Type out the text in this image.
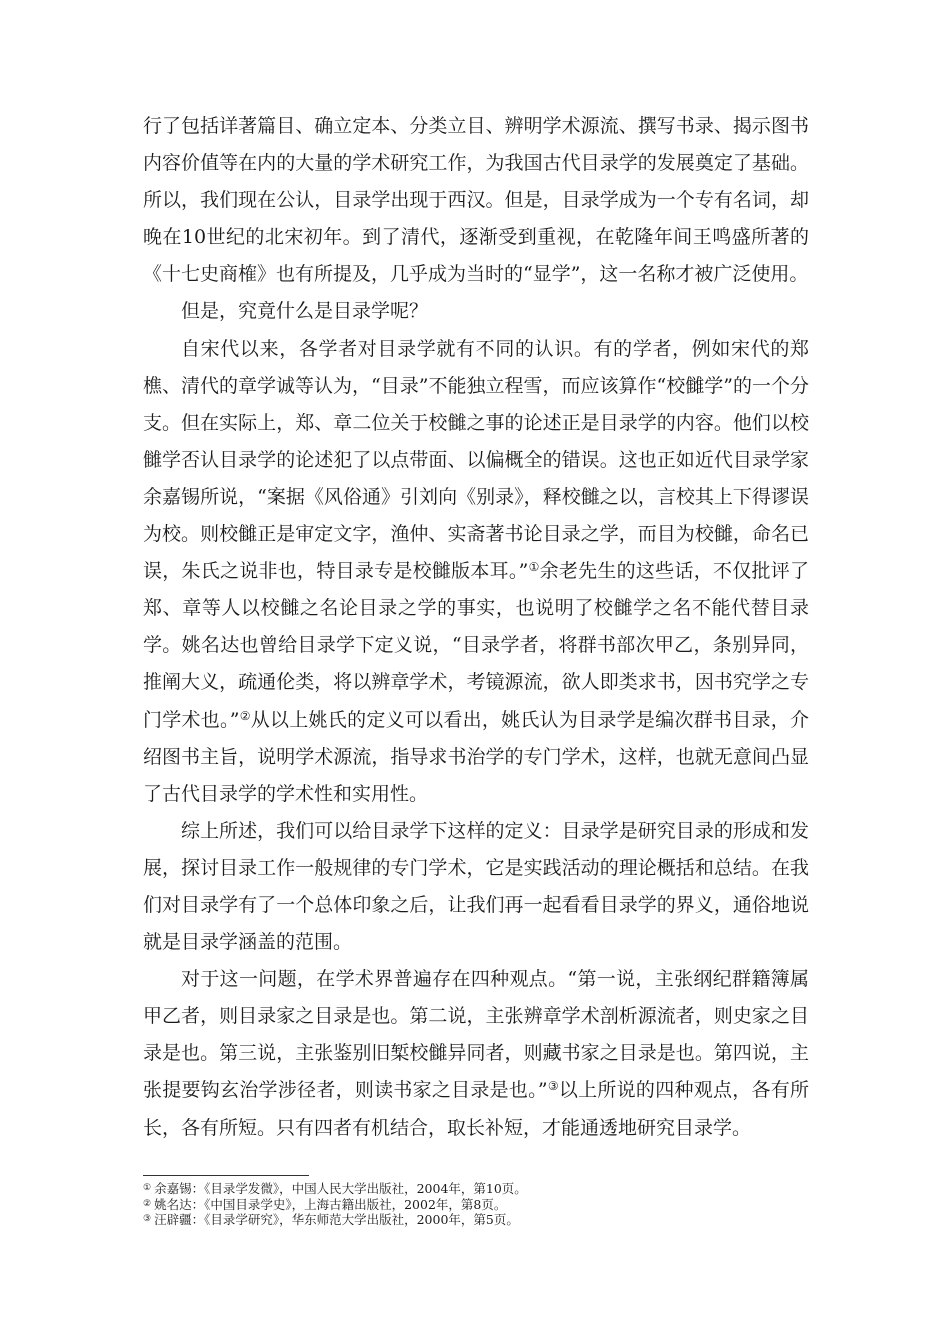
行了包括详著篇目、确立定本、分类立目、辨明学术源流、撰写书录、揭示图书内容价值等在内的大量的学术研究工作，为我国古代目录学的发展奠定了基础。所以，我们现在公认，目录学出现于西汉。但是，目录学成为一个专有名词，却晚在10世纪的北宋初年。到了清代，逐渐受到重视，在乾隆年间王鸣盛所著的《十七史商榷》也有所提及，几乎成为当时的“显学”，这一名称才被广泛使用。

但是，究竟什么是目录学呢？

自宋代以来，各学者对目录学就有不同的认识。有的学者，例如宋代的郑樵、清代的章学诚等认为，“目录”不能独立程雪，而应该算作“校雠学”的一个分支。但在实际上，郑、章二位关于校雠之事的论述正是目录学的内容。他们以校雠学否认目录学的论述犯了以点带面、以偏概全的错误。这也正如近代目录学家余嘉锡所说，“案据《风俗通》引刘向《别录》，释校雠之以，言校其上下得谬误为校。则校雠正是审定文字，渔仲、实斋著书论目录之学，而目为校雠，命名已误，朱氏之说非也，特目录专是校雠版本耳。”①余老先生的这些话，不仅批评了郑、章等人以校雠之名论目录之学的事实，也说明了校雠学之名不能代替目录学。姚名达也曾给目录学下定义说，“目录学者，将群书部次甲乙，条别异同，推阐大义，疏通伦类，将以辨章学术，考镜源流，欲人即类求书，因书究学之专门学术也。”②从以上姚氏的定义可以看出，姚氏认为目录学是编次群书目录，介绍图书主旨，说明学术源流，指导求书治学的专门学术，这样，也就无意间凸显了古代目录学的学术性和实用性。

综上所述，我们可以给目录学下这样的定义：目录学是研究目录的形成和发展，探讨目录工作一般规律的专门学术，它是实践活动的理论概括和总结。在我们对目录学有了一个总体印象之后，让我们再一起看看目录学的界义，通俗地说就是目录学涵盖的范围。

对于这一问题，在学术界普遍存在四种观点。“第一说，主张纲纪群籍簿属甲乙者，则目录家之目录是也。第二说，主张辨章学术剖析源流者，则史家之目录是也。第三说，主张鉴别旧椠校雠异同者，则藏书家之目录是也。第四说，主张提要钩玄治学涉径者，则读书家之目录是也。”③以上所说的四种观点，各有所长，各有所短。只有四者有机结合，取长补短，才能通透地研究目录学。

① 余嘉锡：《目录学发微》，中国人民大学出版社，2004年，第10页。

② 姚名达：《中国目录学史》，上海古籍出版社，2002年，第8页。

③ 汪辟疆：《目录学研究》，华东师范大学出版社，2000年，第5页。
